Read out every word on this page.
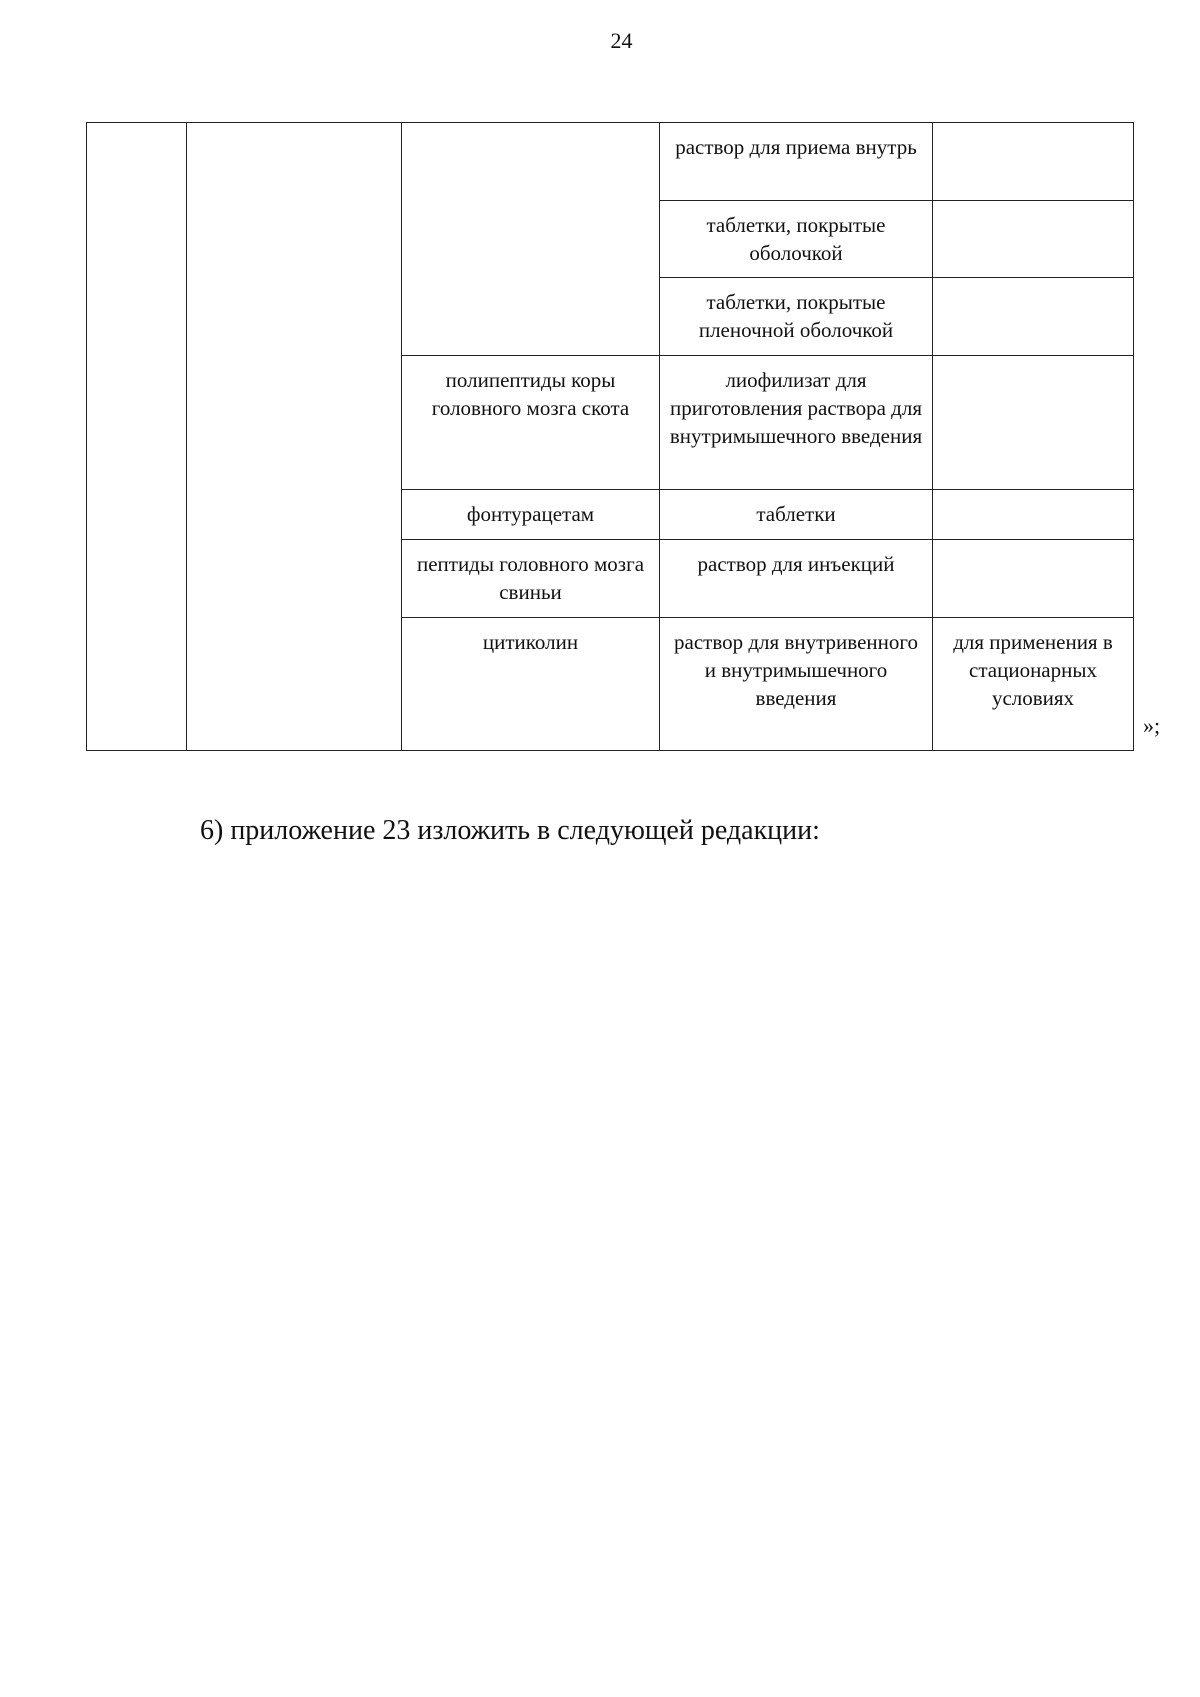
24
			раствор для приема внутрь	
			таблетки, покрытые оболочкой	
			таблетки, покрытые пленочной оболочкой	
		полипептиды коры головного мозга скота	лиофилизат для приготовления раствора для внутримышечного введения	
		фонтурацетам	таблетки	
		пептиды головного мозга свиньи	раствор для инъекций	
		цитиколин	раствор для внутривенного и внутримышечного введения	для применения в стационарных условиях
»;
6) приложение 23 изложить в следующей редакции:
